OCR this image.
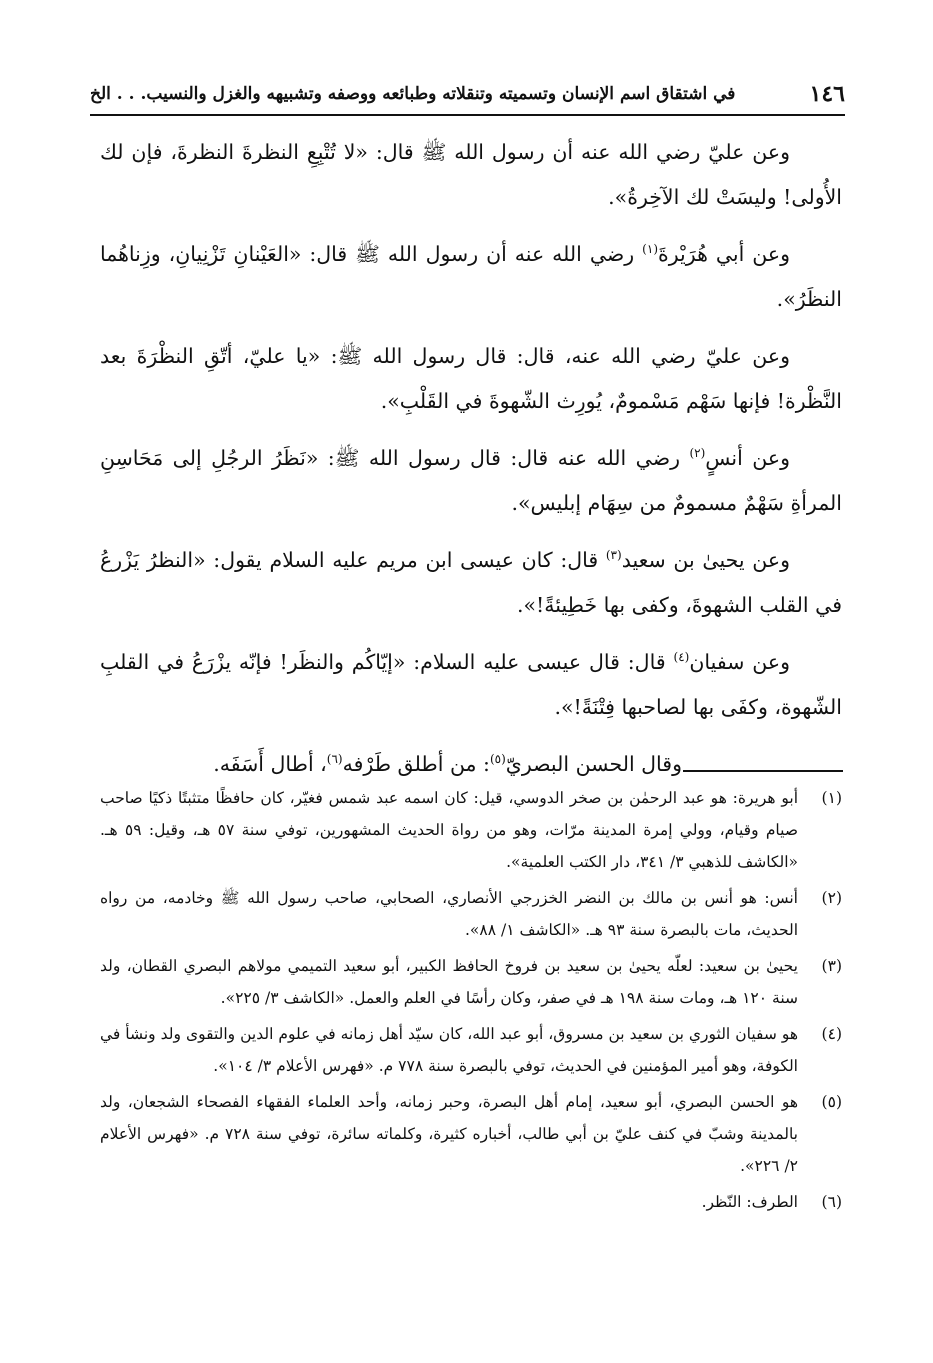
١٤٦
في اشتقاق اسم الإنسان وتسميته وتنقلاته وطبائعه ووصفه وتشبيهه والغزل والنسيب. . . الخ

وعن عليّ رضي الله عنه أن رسول الله ﷺ قال: «لا تُتْبِعِ النظرةَ النظرةَ، فإن لك الأُولى! وليسَتْ لك الآخِرةُ».

وعن أبي هُرَيْرةَ$^{(١)}$ رضي الله عنه أن رسول الله ﷺ قال: «العَيْنانِ تَزْنِيانِ، وزِناهُما النظَرُ».

وعن عليّ رضي الله عنه، قال: قال رسول الله ﷺ: «يا عليّ، أتّقِ النظْرَةَ بعد النَّظْرة! فإنها سَهْم مَسْمومٌ، يُورِث الشّهوةَ في القَلْبِ».

وعن أنسٍ$^{(٢)}$ رضي الله عنه قال: قال رسول الله ﷺ: «نَظَرُ الرجُلِ إلى مَحَاسِنِ المرأةِ سَهْمٌ مسمومٌ من سِهَام إبليس».

وعن يحيىٰ بن سعيد$^{(٣)}$ قال: كان عيسى ابن مريم عليه السلام يقول: «النظرُ يَزْرعُ في القلب الشهوةَ، وكفى بها خَطِيئةً!».

وعن سفيان$^{(٤)}$ قال: قال عيسى عليه السلام: «إيّاكُم والنظَر! فإنّه يزْرَعُ في القلبِ الشّهوة، وكفَى بها لصاحبها فِتْنَةً!».

وقال الحسن البصريّ$^{(٥)}$: من أطلق طَرْفه$^{(٦)}$، أطال أَسَفَه.

(١)
أبو هريرة: هو عبد الرحمٰن بن صخر الدوسي، قيل: كان اسمه عبد شمس فغيّر، كان حافظًا متثبتًا ذكيًا صاحب صيام وقيام، وولي إمرة المدينة مرّات، وهو من رواة الحديث المشهورين، توفي سنة ٥٧ هـ، وقيل: ٥٩ هـ. «الكاشف للذهبي ٣/ ٣٤١، دار الكتب العلمية».
(٢)
أنس: هو أنس بن مالك بن النضر الخزرجي الأنصاري، الصحابي، صاحب رسول الله ﷺ وخادمه، من رواه الحديث، مات بالبصرة سنة ٩٣ هـ. «الكاشف ١/ ٨٨».
(٣)
يحيىٰ بن سعيد: لعلّه يحيىٰ بن سعيد بن فروخ الحافظ الكبير، أبو سعيد التميمي مولاهم البصري القطان، ولد سنة ١٢٠ هـ، ومات سنة ١٩٨ هـ في صفر، وكان رأسًا في العلم والعمل. «الكاشف ٣/ ٢٢٥».
(٤)
هو سفيان الثوري بن سعيد بن مسروق، أبو عبد الله، كان سيّد أهل زمانه في علوم الدين والتقوى ولد ونشأ في الكوفة، وهو أمير المؤمنين في الحديث، توفي بالبصرة سنة ٧٧٨ م. «فهرس الأعلام ٣/ ١٠٤».
(٥)
هو الحسن البصري، أبو سعيد، إمام أهل البصرة، وحبر زمانه، وأحد العلماء الفقهاء الفصحاء الشجعان، ولد بالمدينة وشبّ في كنف عليّ بن أبي طالب، أخباره كثيرة، وكلماته سائرة، توفي سنة ٧٢٨ م. «فهرس الأعلام ٢/ ٢٢٦».
(٦)
الطرف: النّظر.
